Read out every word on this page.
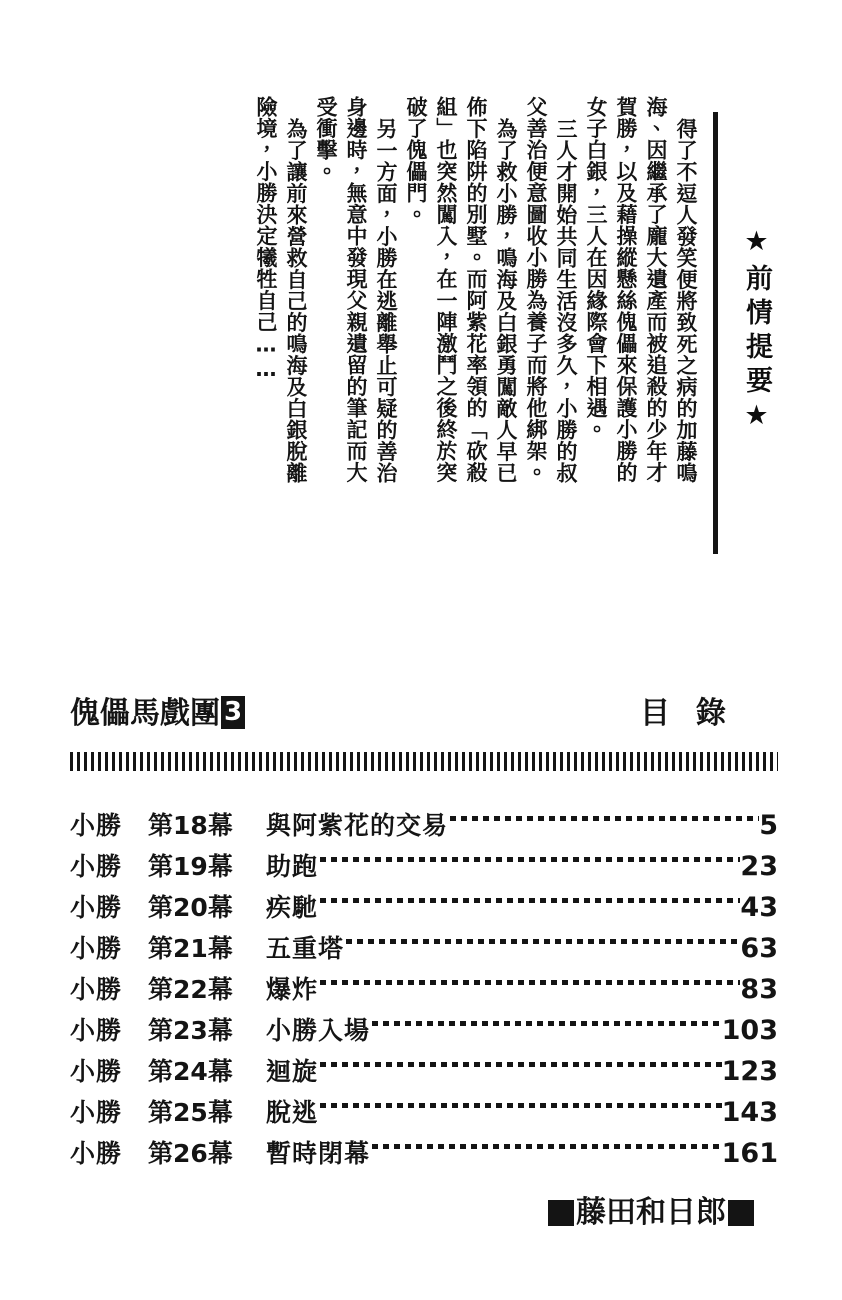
★前情提要★
得了不逗人發笑便將致死之病的加藤鳴
海、因繼承了龐大遺產而被追殺的少年才
賀勝，以及藉操縱懸絲傀儡來保護小勝的
女子白銀，三人在因緣際會下相遇。
三人才開始共同生活沒多久，小勝的叔
父善治便意圖收小勝為養子而將他綁架。
為了救小勝，鳴海及白銀勇闖敵人早已
佈下陷阱的別墅。而阿紫花率領的「砍殺
組」也突然闖入，在一陣激鬥之後終於突
破了傀儡門。
另一方面，小勝在逃離舉止可疑的善治
身邊時，無意中發現父親遺留的筆記而大
受衝擊。
為了讓前來營救自己的鳴海及白銀脫離
險境，小勝決定犧牲自己……
傀儡馬戲團 3	目錄
小勝	第18幕	與阿紫花的交易	5
小勝	第19幕	助跑	23
小勝	第20幕	疾馳	43
小勝	第21幕	五重塔	63
小勝	第22幕	爆炸	83
小勝	第23幕	小勝入場	103
小勝	第24幕	迴旋	123
小勝	第25幕	脫逃	143
小勝	第26幕	暫時閉幕	161
藤田和日郎
